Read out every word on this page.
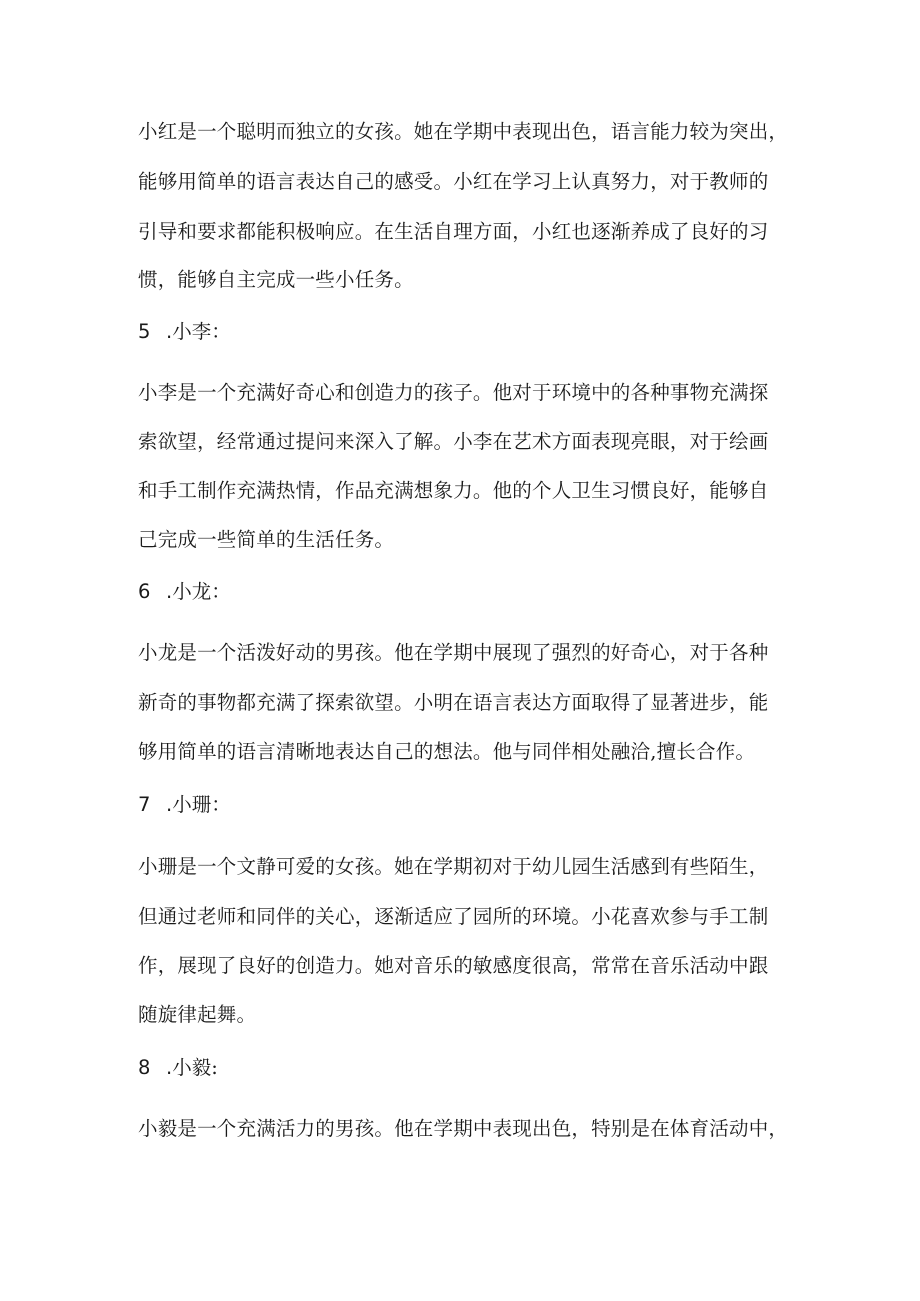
小红是一个聪明而独立的女孩。她在学期中表现出色，语言能力较为突出，
能够用简单的语言表达自己的感受。小红在学习上认真努力，对于教师的
引导和要求都能积极响应。在生活自理方面，小红也逐渐养成了良好的习
惯，能够自主完成一些小任务。
5 .小李：
小李是一个充满好奇心和创造力的孩子。他对于环境中的各种事物充满探
索欲望，经常通过提问来深入了解。小李在艺术方面表现亮眼，对于绘画
和手工制作充满热情，作品充满想象力。他的个人卫生习惯良好，能够自
己完成一些简单的生活任务。
6 .小龙：
小龙是一个活泼好动的男孩。他在学期中展现了强烈的好奇心，对于各种
新奇的事物都充满了探索欲望。小明在语言表达方面取得了显著进步，能
够用简单的语言清晰地表达自己的想法。他与同伴相处融洽,擅长合作。
7 .小珊：
小珊是一个文静可爱的女孩。她在学期初对于幼儿园生活感到有些陌生，
但通过老师和同伴的关心，逐渐适应了园所的环境。小花喜欢参与手工制
作，展现了良好的创造力。她对音乐的敏感度很高，常常在音乐活动中跟
随旋律起舞。
8 .小毅:
小毅是一个充满活力的男孩。他在学期中表现出色，特别是在体育活动中，
